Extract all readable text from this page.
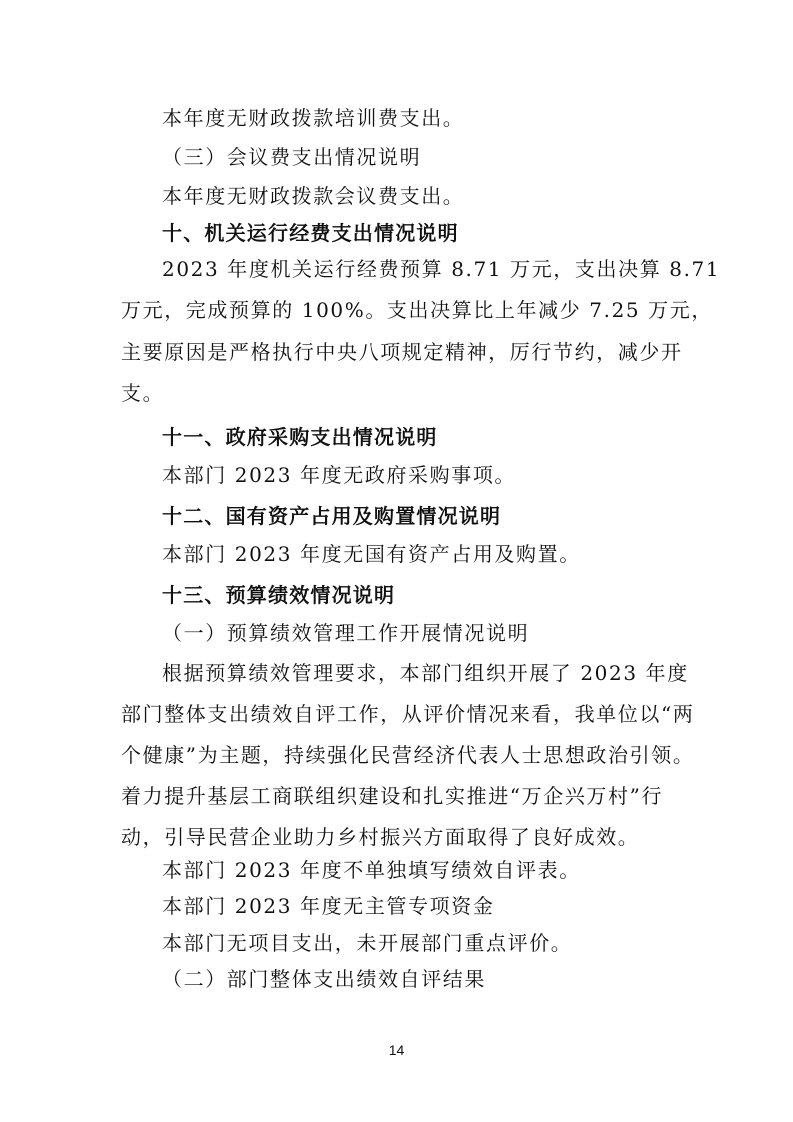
本年度无财政拨款培训费支出。

（三）会议费支出情况说明

本年度无财政拨款会议费支出。

十、机关运行经费支出情况说明

2023 年度机关运行经费预算 8.71 万元，支出决算 8.71

万元，完成预算的 100%。支出决算比上年减少 7.25 万元，

主要原因是严格执行中央八项规定精神，厉行节约，减少开

支。

十一、政府采购支出情况说明

本部门 2023 年度无政府采购事项。

十二、国有资产占用及购置情况说明

本部门 2023 年度无国有资产占用及购置。

十三、预算绩效情况说明

（一）预算绩效管理工作开展情况说明

根据预算绩效管理要求，本部门组织开展了 2023 年度

部门整体支出绩效自评工作，从评价情况来看，我单位以“两

个健康”为主题，持续强化民营经济代表人士思想政治引领。

着力提升基层工商联组织建设和扎实推进“万企兴万村”行

动，引导民营企业助力乡村振兴方面取得了良好成效。

本部门 2023 年度不单独填写绩效自评表。

本部门 2023 年度无主管专项资金

本部门无项目支出，未开展部门重点评价。

（二）部门整体支出绩效自评结果

14
